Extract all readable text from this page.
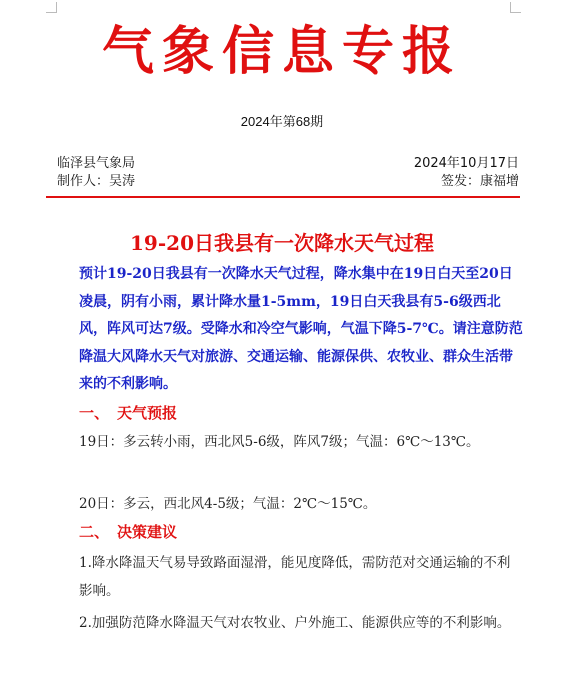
气象信息专报
2024年第68期
临泽县气象局
制作人：吴涛
2024年10月17日
签发：康福增
19-20日我县有一次降水天气过程
预计19-20日我县有一次降水天气过程，降水集中在19日白天至20日凌晨，阴有小雨，累计降水量1-5mm，19日白天我县有5-6级西北风，阵风可达7级。受降水和冷空气影响，气温下降5-7℃。请注意防范降温大风降水天气对旅游、交通运输、能源保供、农牧业、群众生活带来的不利影响。
一、 天气预报
19日：多云转小雨，西北风5-6级，阵风7级；气温：6℃～13℃。
20日：多云，西北风4-5级；气温：2℃～15℃。
二、 决策建议
1.降水降温天气易导致路面湿滑，能见度降低，需防范对交通运输的不利影响。
2.加强防范降水降温天气对农牧业、户外施工、能源供应等的不利影响。
